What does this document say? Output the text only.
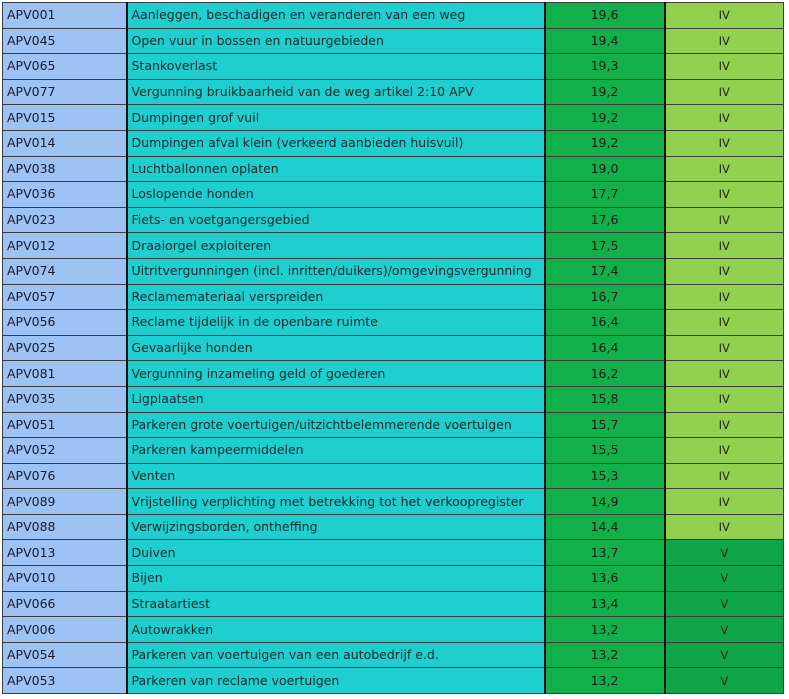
APV001	Aanleggen, beschadigen en veranderen van een weg	19,6	IV
APV045	Open vuur in bossen en natuurgebieden	19,4	IV
APV065	Stankoverlast	19,3	IV
APV077	Vergunning bruikbaarheid van de weg artikel 2:10 APV	19,2	IV
APV015	Dumpingen grof vuil	19,2	IV
APV014	Dumpingen afval klein (verkeerd aanbieden huisvuil)	19,2	IV
APV038	Luchtballonnen oplaten	19,0	IV
APV036	Loslopende honden	17,7	IV
APV023	Fiets- en voetgangersgebied	17,6	IV
APV012	Draaiorgel exploiteren	17,5	IV
APV074	Uitritvergunningen (incl. inritten/duikers)/omgevingsvergunning	17,4	IV
APV057	Reclamemateriaal verspreiden	16,7	IV
APV056	Reclame tijdelijk in de openbare ruimte	16,4	IV
APV025	Gevaarlijke honden	16,4	IV
APV081	Vergunning inzameling geld of goederen	16,2	IV
APV035	Ligplaatsen	15,8	IV
APV051	Parkeren grote voertuigen/uitzichtbelemmerende voertuigen	15,7	IV
APV052	Parkeren kampeermiddelen	15,5	IV
APV076	Venten	15,3	IV
APV089	Vrijstelling verplichting met betrekking tot het verkoopregister	14,9	IV
APV088	Verwijzingsborden, ontheffing	14,4	IV
APV013	Duiven	13,7	V
APV010	Bijen	13,6	V
APV066	Straatartiest	13,4	V
APV006	Autowrakken	13,2	V
APV054	Parkeren van voertuigen van een autobedrijf e.d.	13,2	V
APV053	Parkeren van reclame voertuigen	13,2	V
